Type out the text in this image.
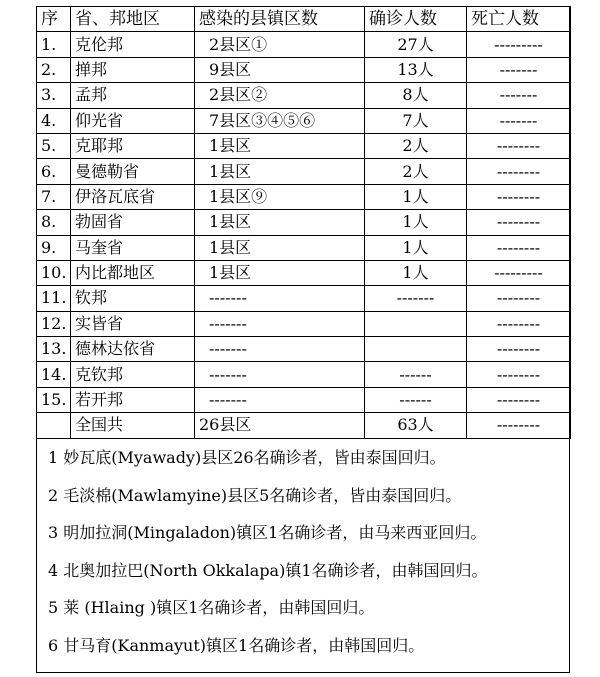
序	省、邦地区	感染的县镇区数	确诊人数	死亡人数
1.	克伦邦	2县区①	27人	---------
2.	掸邦	9县区	13人	-------
3.	孟邦	2县区②	8人	-------
4.	仰光省	7县区③④⑤⑥	7人	-------
5.	克耶邦	1县区	2人	--------
6.	曼德勒省	1县区	2人	--------
7.	伊洛瓦底省	1县区⑨	1人	--------
8.	勃固省	1县区	1人	--------
9.	马奎省	1县区	1人	--------
10.	内比都地区	1县区	1人	---------
11.	钦邦	-------	-------	--------
12.	实皆省	-------		--------
13.	德林达依省	-------		--------
14.	克钦邦	-------	------	--------
15.	若开邦	-------	------	--------
	全国共	26县区	63人	--------
1 妙瓦底(Myawady)县区26名确诊者，皆由泰国回归。
2 毛淡棉(Mawlamyine)县区5名确诊者，皆由泰国回归。
3 明加拉洞(Mingaladon)镇区1名确诊者，由马来西亚回归。
4 北奥加拉巴(North Okkalapa)镇1名确诊者，由韩国回归。
5 莱 (Hlaing )镇区1名确诊者，由韩国回归。
6 甘马育(Kanmayut)镇区1名确诊者，由韩国回归。
